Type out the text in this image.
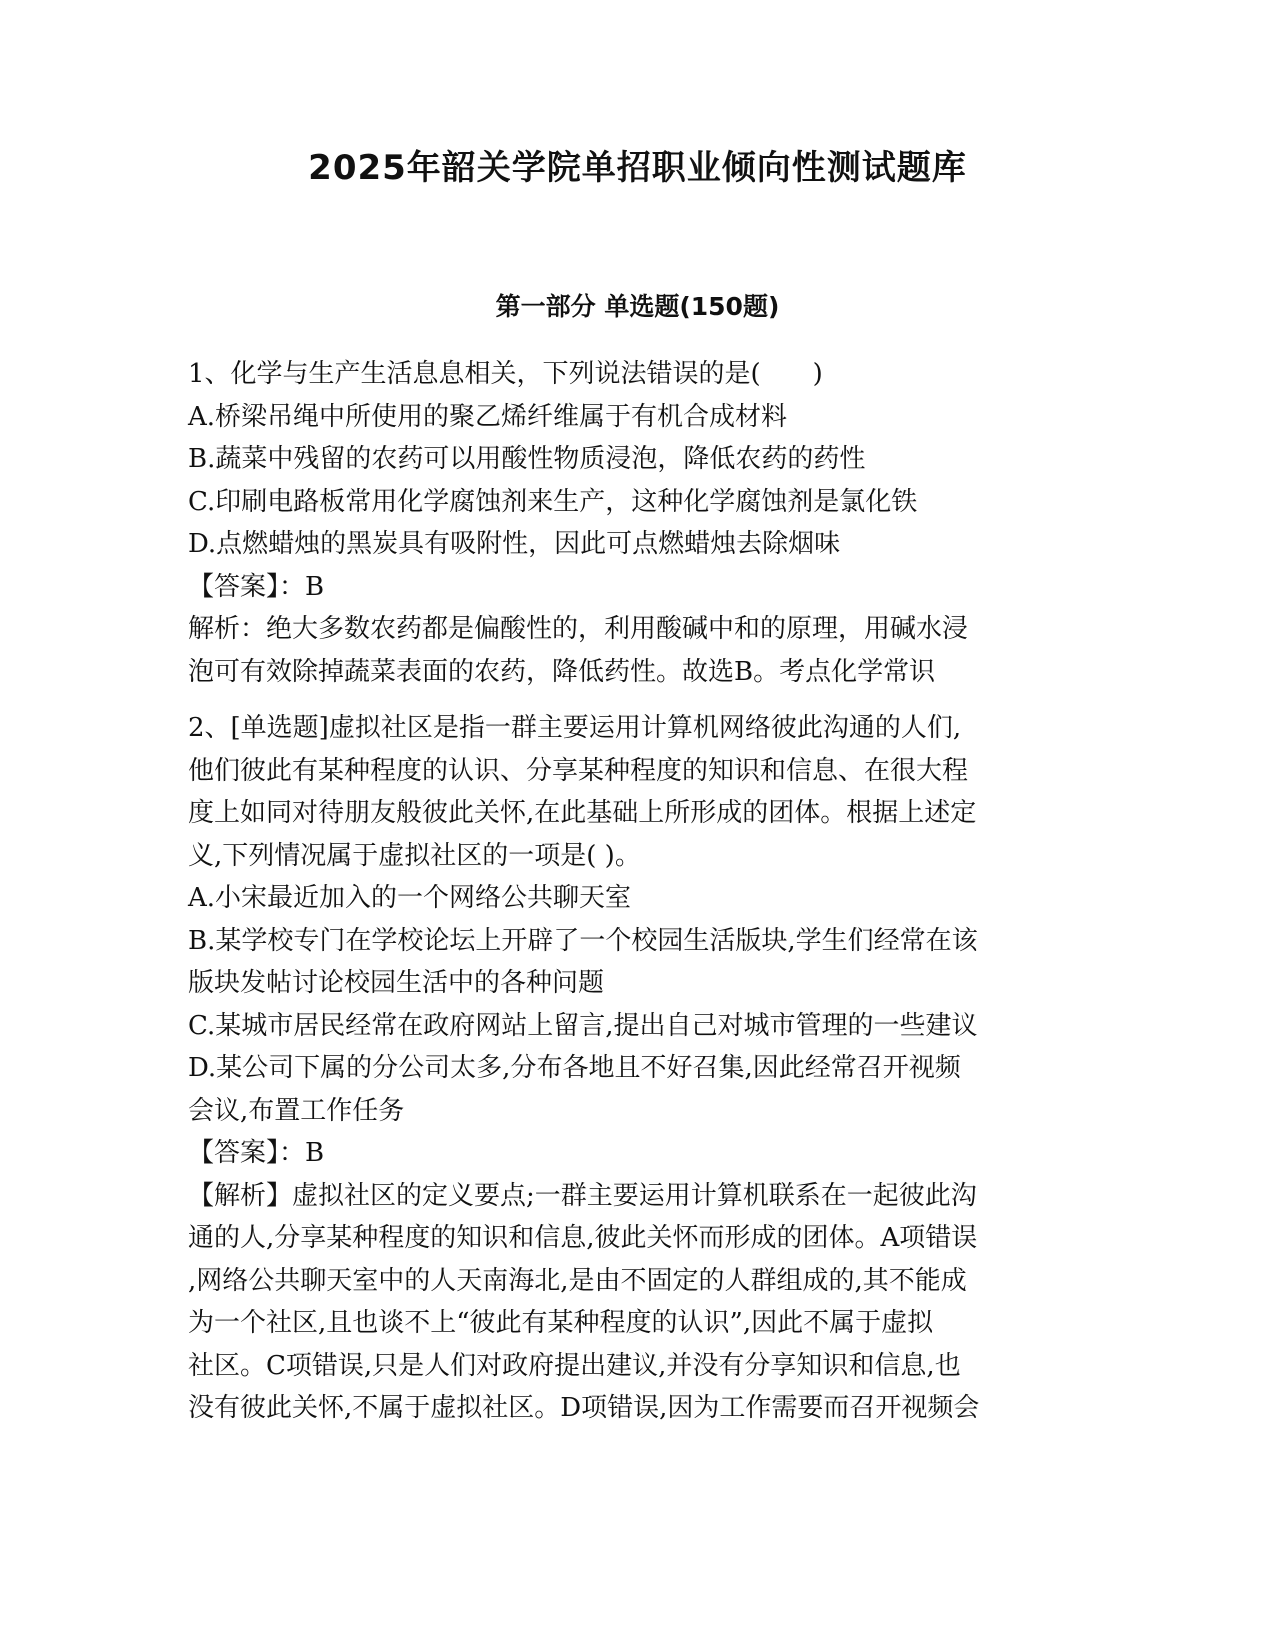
2025年韶关学院单招职业倾向性测试题库
第一部分 单选题(150题)

1、化学与生产生活息息相关，下列说法错误的是(　　)

A.桥梁吊绳中所使用的聚乙烯纤维属于有机合成材料

B.蔬菜中残留的农药可以用酸性物质浸泡，降低农药的药性

C.印刷电路板常用化学腐蚀剂来生产，这种化学腐蚀剂是氯化铁

D.点燃蜡烛的黑炭具有吸附性，因此可点燃蜡烛去除烟味

【答案】：B

解析：绝大多数农药都是偏酸性的，利用酸碱中和的原理，用碱水浸

泡可有效除掉蔬菜表面的农药，降低药性。故选B。考点化学常识

2、[单选题]虚拟社区是指一群主要运用计算机网络彼此沟通的人们,

他们彼此有某种程度的认识、分享某种程度的知识和信息、在很大程

度上如同对待朋友般彼此关怀,在此基础上所形成的团体。根据上述定

义,下列情况属于虚拟社区的一项是( )。

A.小宋最近加入的一个网络公共聊天室

B.某学校专门在学校论坛上开辟了一个校园生活版块,学生们经常在该

版块发帖讨论校园生活中的各种问题

C.某城市居民经常在政府网站上留言,提出自己对城市管理的一些建议

D.某公司下属的分公司太多,分布各地且不好召集,因此经常召开视频

会议,布置工作任务

【答案】：B

【解析】虚拟社区的定义要点;一群主要运用计算机联系在一起彼此沟

通的人,分享某种程度的知识和信息,彼此关怀而形成的团体。A项错误

,网络公共聊天室中的人天南海北,是由不固定的人群组成的,其不能成

为一个社区,且也谈不上“彼此有某种程度的认识”,因此不属于虚拟

社区。C项错误,只是人们对政府提出建议,并没有分享知识和信息,也

没有彼此关怀,不属于虚拟社区。D项错误,因为工作需要而召开视频会
